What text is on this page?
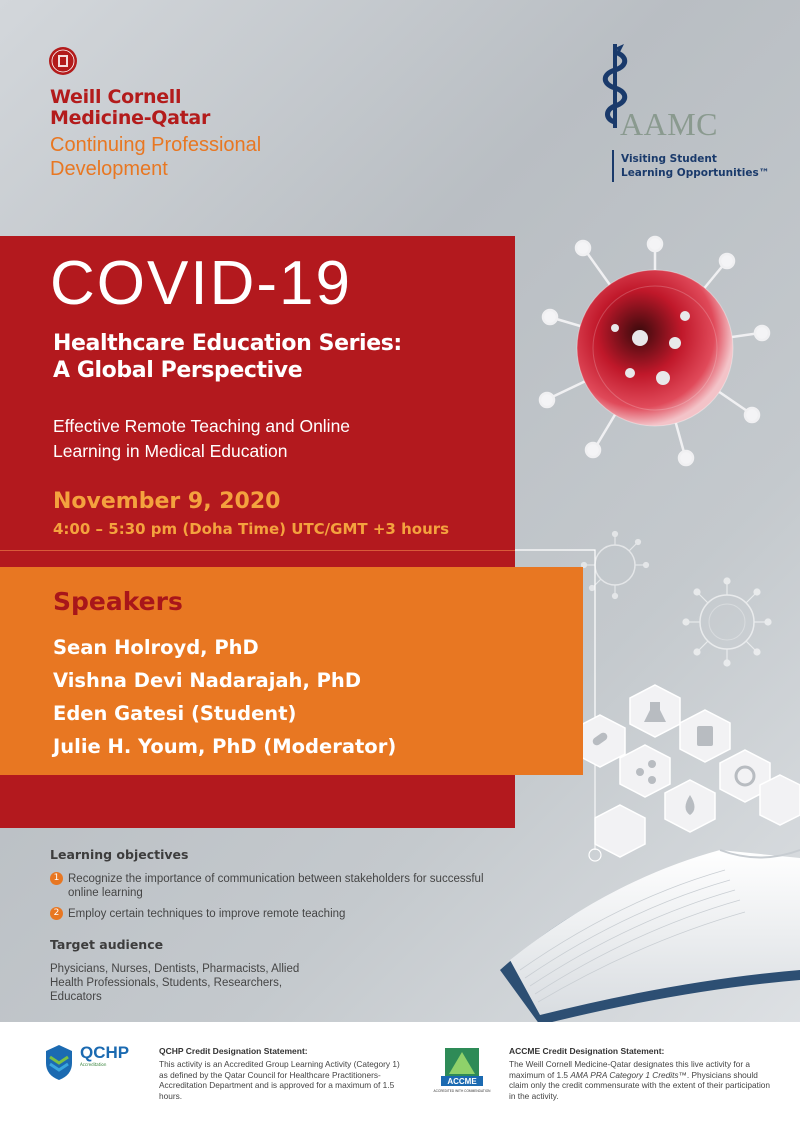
Weill Cornell
Medicine-Qatar
Continuing Professional
Development
AAMC
Visiting Student
Learning Opportunities™
COVID-19
Healthcare Education Series:
A Global Perspective
Effective Remote Teaching and Online
Learning in Medical Education
November 9, 2020
4:00 – 5:30 pm (Doha Time) UTC/GMT +3 hours
Speakers
Sean Holroyd, PhD
Vishna Devi Nadarajah, PhD
Eden Gatesi (Student)
Julie H. Youm, PhD (Moderator)
Learning objectives
1 Recognize the importance of communication between stakeholders for successful online learning
2 Employ certain techniques to improve remote teaching
Target audience
Physicians, Nurses, Dentists, Pharmacists, Allied Health Professionals, Students, Researchers, Educators
QCHP
Accreditation
QCHP Credit Designation Statement:
This activity is an Accredited Group Learning Activity (Category 1) as defined by the Qatar Council for Healthcare Practitioners-Accreditation Department and is approved for a maximum of 1.5 hours.
ACCME
ACCREDITED WITH COMMENDATION
ACCME Credit Designation Statement:
The Weill Cornell Medicine-Qatar designates this live activity for a maximum of 1.5 AMA PRA Category 1 Credits™. Physicians should claim only the credit commensurate with the extent of their participation in the activity.
